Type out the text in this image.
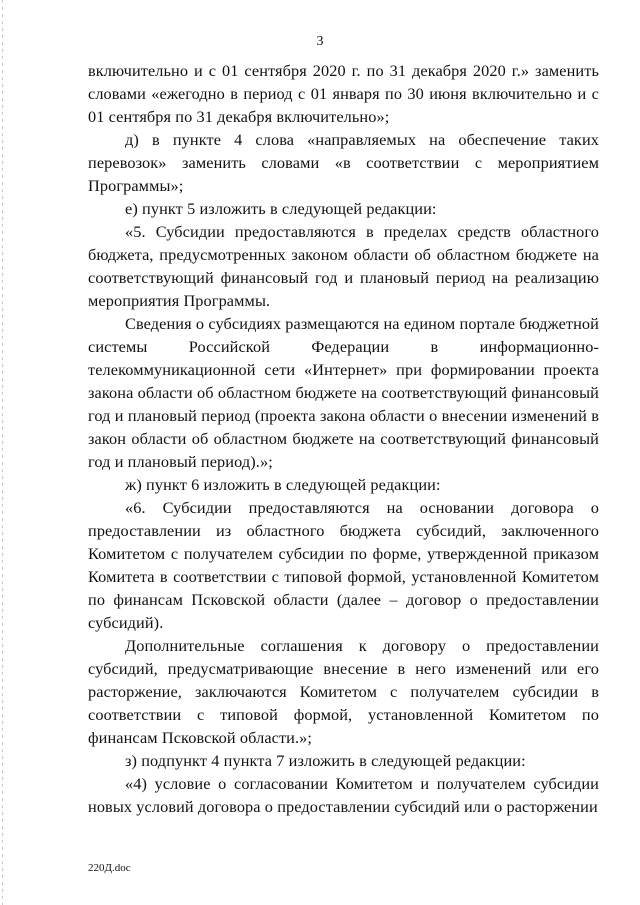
3

включительно и с 01 сентября 2020 г. по 31 декабря 2020 г.» заменить словами «ежегодно в период с 01 января по 30 июня включительно и с 01 сентября по 31 декабря включительно»;

д) в пункте 4 слова «направляемых на обеспечение таких перевозок» заменить словами «в соответствии с мероприятием Программы»;

е) пункт 5 изложить в следующей редакции:

«5. Субсидии предоставляются в пределах средств областного бюджета, предусмотренных законом области об областном бюджете на соответствующий финансовый год и плановый период на реализацию мероприятия Программы.

Сведения о субсидиях размещаются на едином портале бюджетной системы Российской Федерации в информационно-телекоммуникационной сети «Интернет» при формировании проекта закона области об областном бюджете на соответствующий финансовый год и плановый период (проекта закона области о внесении изменений в закон области об областном бюджете на соответствующий финансовый год и плановый период).»;

ж) пункт 6 изложить в следующей редакции:

«6. Субсидии предоставляются на основании договора о предоставлении из областного бюджета субсидий, заключенного Комитетом с получателем субсидии по форме, утвержденной приказом Комитета в соответствии с типовой формой, установленной Комитетом по финансам Псковской области (далее – договор о предоставлении субсидий).

Дополнительные соглашения к договору о предоставлении субсидий, предусматривающие внесение в него изменений или его расторжение, заключаются Комитетом с получателем субсидии в соответствии с типовой формой, установленной Комитетом по финансам Псковской области.»;

з) подпункт 4 пункта 7 изложить в следующей редакции:

«4) условие о согласовании Комитетом и получателем субсидии новых условий договора о предоставлении субсидий или о расторжении

220Д.doc
